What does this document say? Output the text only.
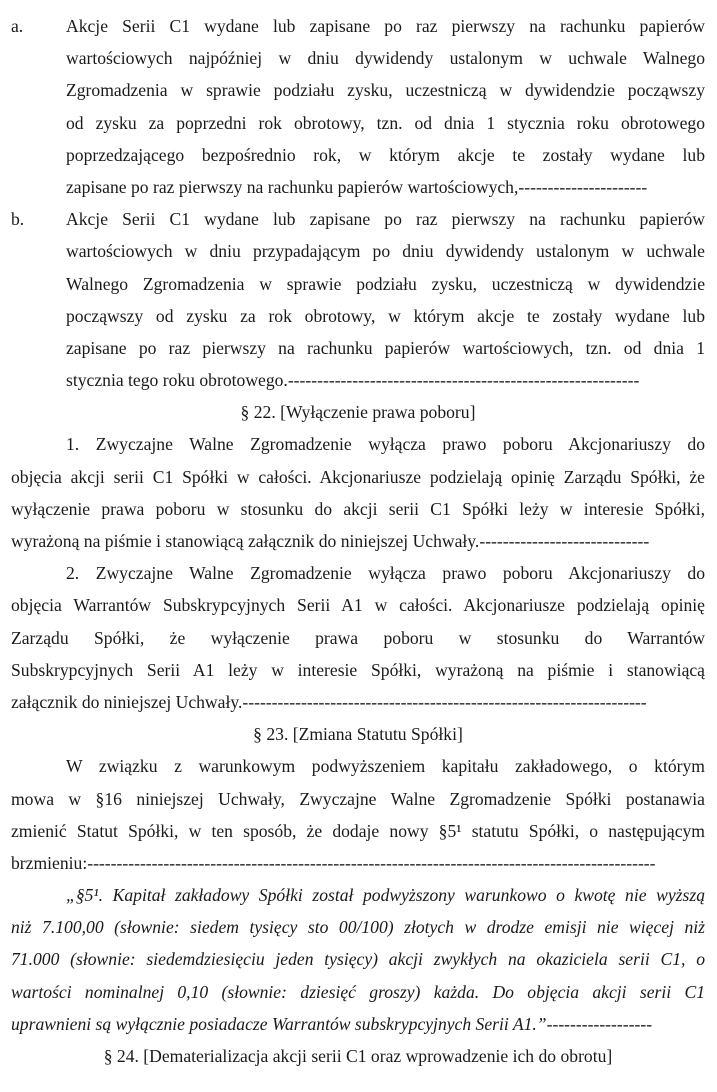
a. Akcje Serii C1 wydane lub zapisane po raz pierwszy na rachunku papierów
wartościowych najpóźniej w dniu dywidendy ustalonym w uchwale Walnego
Zgromadzenia w sprawie podziału zysku, uczestniczą w dywidendzie począwszy
od zysku za poprzedni rok obrotowy, tzn. od dnia 1 stycznia roku obrotowego
poprzedzającego bezpośrednio rok, w którym akcje te zostały wydane lub
zapisane po raz pierwszy na rachunku papierów wartościowych,----------------------
b. Akcje Serii C1 wydane lub zapisane po raz pierwszy na rachunku papierów
wartościowych w dniu przypadającym po dniu dywidendy ustalonym w uchwale
Walnego Zgromadzenia w sprawie podziału zysku, uczestniczą w dywidendzie
począwszy od zysku za rok obrotowy, w którym akcje te zostały wydane lub
zapisane po raz pierwszy na rachunku papierów wartościowych, tzn. od dnia 1
stycznia tego roku obrotowego.------------------------------------------------------------
§ 22. [Wyłączenie prawa poboru]
1. Zwyczajne Walne Zgromadzenie wyłącza prawo poboru Akcjonariuszy do
objęcia akcji serii C1 Spółki w całości. Akcjonariusze podzielają opinię Zarządu Spółki, że
wyłączenie prawa poboru w stosunku do akcji serii C1 Spółki leży w interesie Spółki,
wyrażoną na piśmie i stanowiącą załącznik do niniejszej Uchwały.-----------------------------
2. Zwyczajne Walne Zgromadzenie wyłącza prawo poboru Akcjonariuszy do
objęcia Warrantów Subskrypcyjnych Serii A1 w całości. Akcjonariusze podzielają opinię
Zarządu Spółki, że wyłączenie prawa poboru w stosunku do Warrantów
Subskrypcyjnych Serii A1 leży w interesie Spółki, wyrażoną na piśmie i stanowiącą
załącznik do niniejszej Uchwały.---------------------------------------------------------------------
§ 23. [Zmiana Statutu Spółki]
W związku z warunkowym podwyższeniem kapitału zakładowego, o którym
mowa w §16 niniejszej Uchwały, Zwyczajne Walne Zgromadzenie Spółki postanawia
zmienić Statut Spółki, w ten sposób, że dodaje nowy §5¹ statutu Spółki, o następującym
brzmieniu:-------------------------------------------------------------------------------------------------
„§5¹. Kapitał zakładowy Spółki został podwyższony warunkowo o kwotę nie wyższą
niż 7.100,00 (słownie: siedem tysięcy sto 00/100) złotych w drodze emisji nie więcej niż
71.000 (słownie: siedemdziesięciu jeden tysięcy) akcji zwykłych na okaziciela serii C1, o
wartości nominalnej 0,10 (słownie: dziesięć groszy) każda. Do objęcia akcji serii C1
uprawnieni są wyłącznie posiadacze Warrantów subskrypcyjnych Serii A1.”------------------
§ 24. [Dematerializacja akcji serii C1 oraz wprowadzenie ich do obrotu]
